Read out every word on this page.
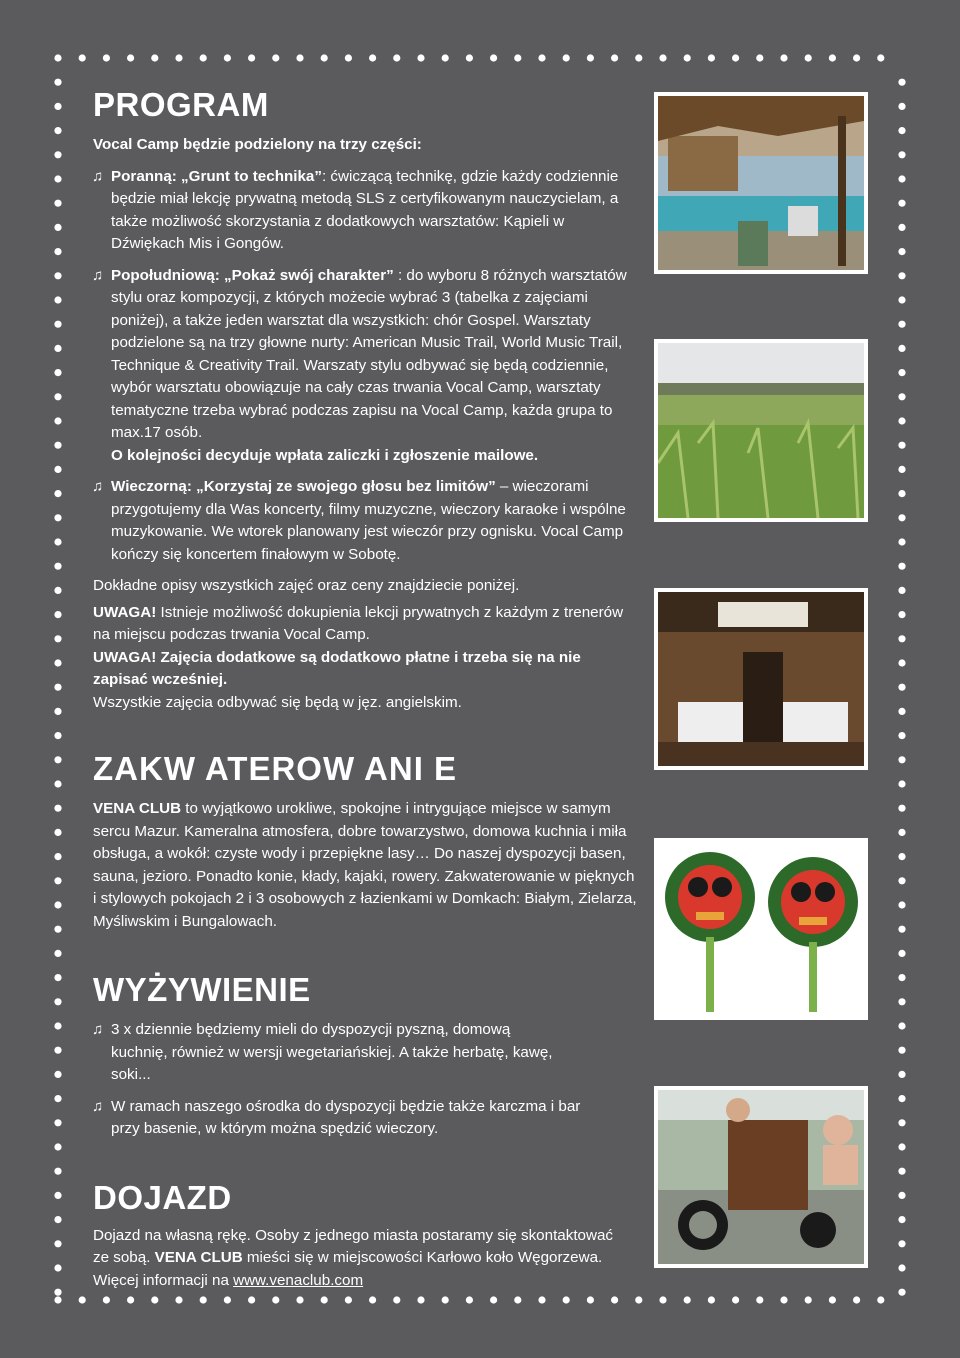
PROGRAM

Vocal Camp będzie podzielony na trzy części:

♫ Poranną: „Grunt to technika”: ćwiczącą technikę, gdzie każdy codziennie będzie miał lekcję prywatną metodą SLS z certyfikowanym nauczycielam, a także możliwość skorzystania z dodatkowych warsztatów: Kąpieli w Dźwiękach Mis i Gongów.

♫ Popołudniową: „Pokaż swój charakter” : do wyboru 8 różnych warsztatów stylu oraz kompozycji, z których możecie wybrać 3 (tabelka z zajęciami poniżej), a także jeden warsztat dla wszystkich: chór Gospel. Warsztaty podzielone są na trzy głowne nurty: American Music Trail, World Music Trail, Technique & Creativity Trail. Warszaty stylu odbywać się będą codziennie, wybór warsztatu obowiązuje na cały czas trwania Vocal Camp, warsztaty tematyczne trzeba wybrać podczas zapisu na Vocal Camp, każda grupa to max.17 osób.
O kolejności decyduje wpłata zaliczki i zgłoszenie mailowe.

♫ Wieczorną: „Korzystaj ze swojego głosu bez limitów” – wieczorami przygotujemy dla Was koncerty, filmy muzyczne, wieczory karaoke i wspólne muzykowanie. We wtorek planowany jest wieczór przy ognisku. Vocal Camp kończy się koncertem finałowym w Sobotę.

Dokładne opisy wszystkich zajęć oraz ceny znajdziecie poniżej.

UWAGA! Istnieje możliwość dokupienia lekcji prywatnych z każdym z trenerów na miejscu podczas trwania Vocal Camp.

UWAGA! Zajęcia dodatkowe są dodatkowo płatne i trzeba się na nie zapisać wcześniej.

Wszystkie zajęcia odbywać się będą w jęz. angielskim.

ZAKW ATEROW ANI E

VENA CLUB to wyjątkowo urokliwe, spokojne i intrygujące miejsce w samym sercu Mazur. Kameralna atmosfera, dobre towarzystwo, domowa kuchnia i miła obsługa, a wokół: czyste wody i przepiękne lasy… Do naszej dyspozycji basen, sauna, jezioro. Ponadto konie, kłady, kajaki, rowery. Zakwaterowanie w pięknych i stylowych pokojach 2 i 3 osobowych z łazienkami w Domkach: Białym, Zielarza, Myśliwskim i Bungalowach.

WYŻYWIENIE

♫ 3 x dziennie będziemy mieli do dyspozycji pyszną, domową kuchnię, również w wersji wegetariańskiej. A także herbatę, kawę, soki...

♫ W ramach naszego ośrodka do dyspozycji będzie także karczma i bar przy basenie, w którym można spędzić wieczory.

DOJAZD

Dojazd na własną rękę. Osoby z jednego miasta postaramy się skontaktować ze sobą. VENA CLUB mieści się w miejscowości Karłowo koło Węgorzewa. Więcej informacji na www.venaclub.com
